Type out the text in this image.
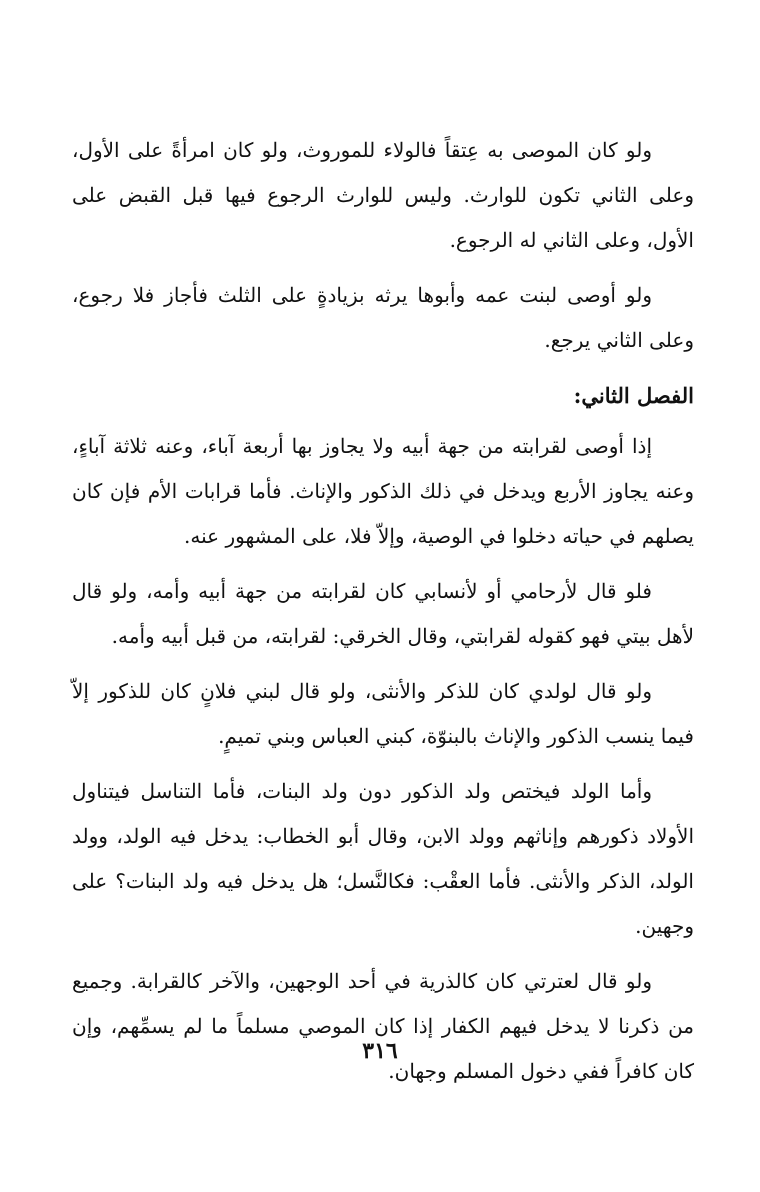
ولو كان الموصى به عِتقاً فالولاء للموروث، ولو كان امرأةً على الأول، وعلى الثاني تكون للوارث. وليس للوارث الرجوع فيها قبل القبض على الأول، وعلى الثاني له الرجوع.

ولو أوصى لبنت عمه وأبوها يرثه بزيادةٍ على الثلث فأجاز فلا رجوع، وعلى الثاني يرجع.

الفصل الثاني:

إذا أوصى لقرابته من جهة أبيه ولا يجاوز بها أربعة آباء، وعنه ثلاثة آباءٍ، وعنه يجاوز الأربع ويدخل في ذلك الذكور والإناث. فأما قرابات الأم فإن كان يصلهم في حياته دخلوا في الوصية، وإلاّ فلا، على المشهور عنه.

فلو قال لأرحامي أو لأنسابي كان لقرابته من جهة أبيه وأمه، ولو قال لأهل بيتي فهو كقوله لقرابتي، وقال الخرقي: لقرابته، من قبل أبيه وأمه.

ولو قال لولدي كان للذكر والأنثى، ولو قال لبني فلانٍ كان للذكور إلاّ فيما ينسب الذكور والإناث بالبنوّة، كبني العباس وبني تميمٍ.

وأما الولد فيختص ولد الذكور دون ولد البنات، فأما التناسل فيتناول الأولاد ذكورهم وإناثهم وولد الابن، وقال أبو الخطاب: يدخل فيه الولد، وولد الولد، الذكر والأنثى. فأما العقْب: فكالنَّسل؛ هل يدخل فيه ولد البنات؟ على وجهين.

ولو قال لعترتي كان كالذرية في أحد الوجهين، والآخر كالقرابة. وجميع من ذكرنا لا يدخل فيهم الكفار إذا كان الموصي مسلماً ما لم يسمِّهم، وإن كان كافراً ففي دخول المسلم وجهان.

٣١٦
